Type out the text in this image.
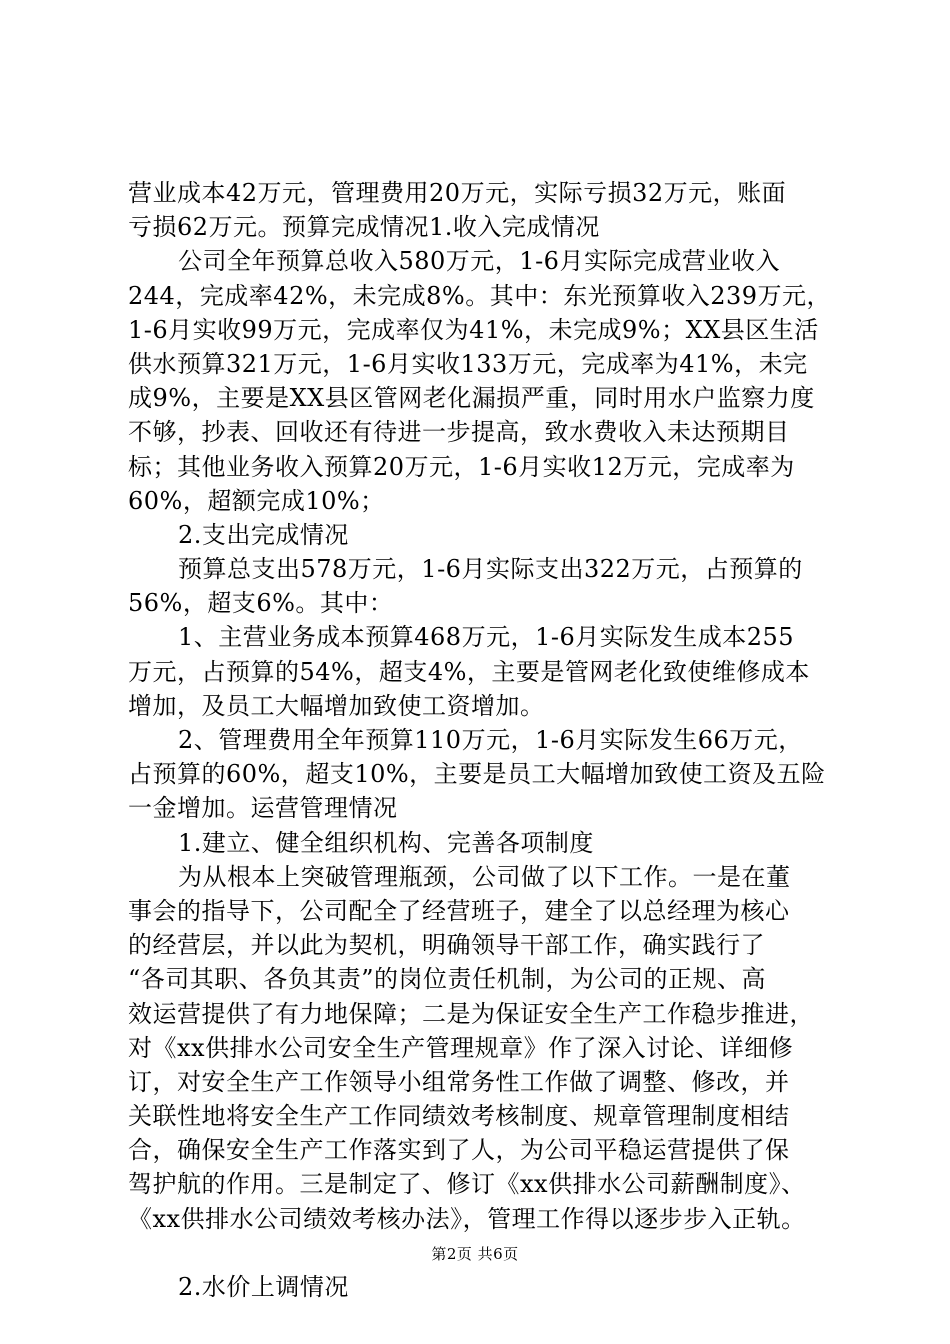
营业成本42万元，管理费用20万元，实际亏损32万元，账面
亏损62万元。预算完成情况1.收入完成情况
公司全年预算总收入580万元，1-6月实际完成营业收入
244，完成率42%，未完成8%。其中：东光预算收入239万元，
1-6月实收99万元，完成率仅为41%，未完成9%；XX县区生活
供水预算321万元，1-6月实收133万元，完成率为41%，未完
成9%，主要是XX县区管网老化漏损严重，同时用水户监察力度
不够，抄表、回收还有待进一步提高，致水费收入未达预期目
标；其他业务收入预算20万元，1-6月实收12万元，完成率为
60%，超额完成10%；
2.支出完成情况
预算总支出578万元，1-6月实际支出322万元，占预算的
56%，超支6%。其中：
1、主营业务成本预算468万元，1-6月实际发生成本255
万元，占预算的54%，超支4%，主要是管网老化致使维修成本
增加，及员工大幅增加致使工资增加。
2、管理费用全年预算110万元，1-6月实际发生66万元，
占预算的60%，超支10%，主要是员工大幅增加致使工资及五险
一金增加。运营管理情况
1.建立、健全组织机构、完善各项制度
为从根本上突破管理瓶颈，公司做了以下工作。一是在董
事会的指导下，公司配全了经营班子，建全了以总经理为核心
的经营层，并以此为契机，明确领导干部工作，确实践行了
“各司其职、各负其责”的岗位责任机制，为公司的正规、高
效运营提供了有力地保障；二是为保证安全生产工作稳步推进，
对《xx供排水公司安全生产管理规章》作了深入讨论、详细修
订，对安全生产工作领导小组常务性工作做了调整、修改，并
关联性地将安全生产工作同绩效考核制度、规章管理制度相结
合，确保安全生产工作落实到了人，为公司平稳运营提供了保
驾护航的作用。三是制定了、修订《xx供排水公司薪酬制度》、
《xx供排水公司绩效考核办法》，管理工作得以逐步步入正轨。
2.水价上调情况
第2页 共6页
